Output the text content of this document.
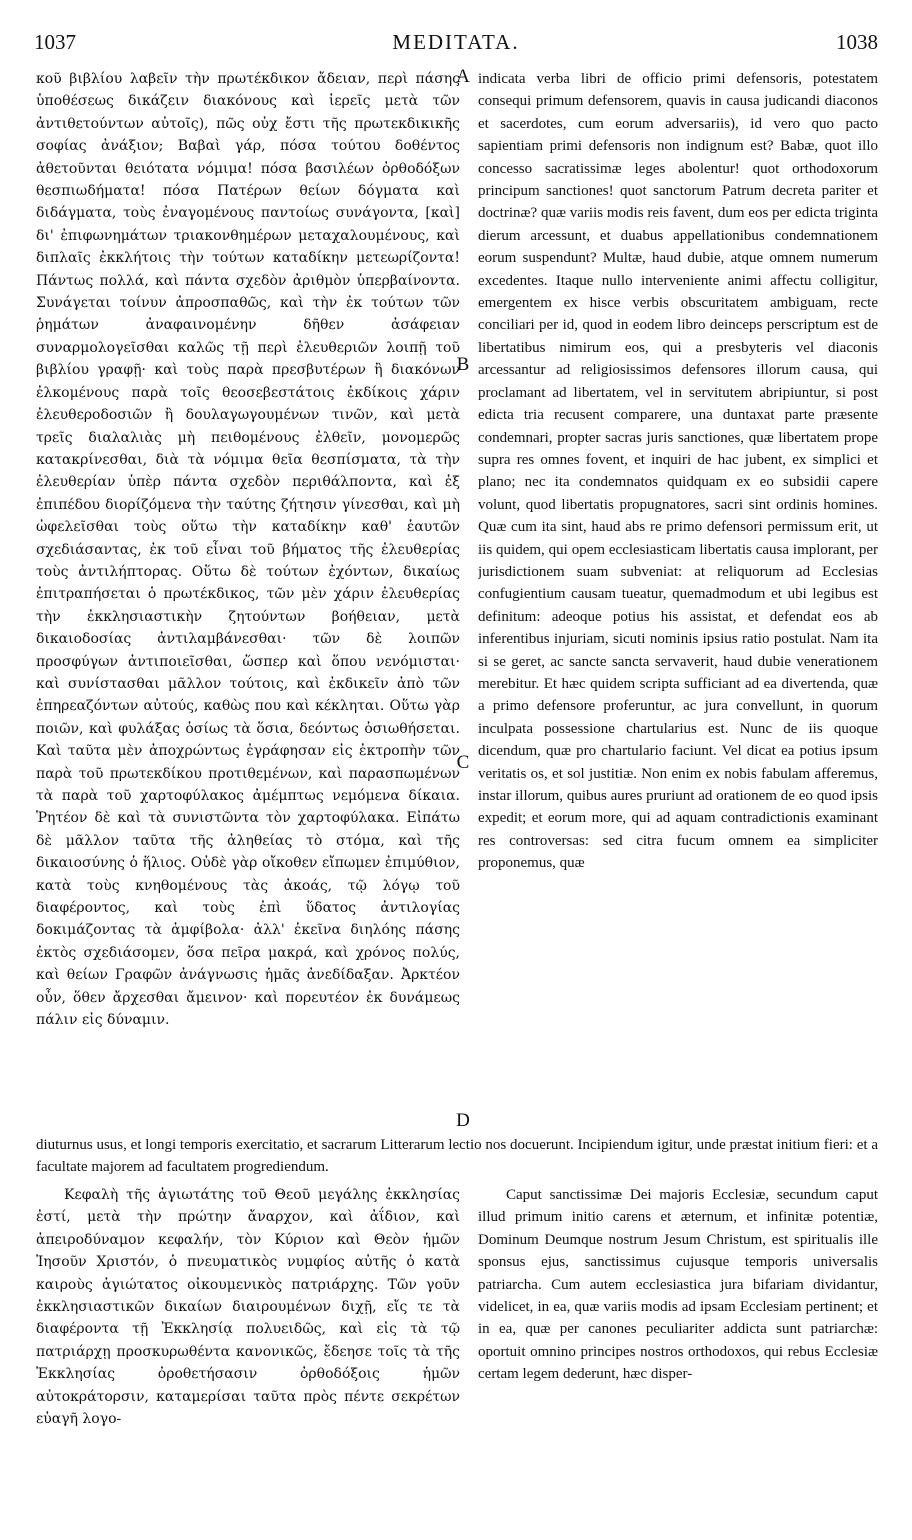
1037	MEDITATA.	1038
A
B
C
D

κοῦ βιβλίου λαβεῖν τὴν πρωτέκδικον ἄδειαν, περὶ πάσης ὑποθέσεως δικάζειν διακόνους καὶ ἱερεῖς μετὰ τῶν ἀντιθετούντων αὐτοῖς), πῶς οὐχ ἔστι τῆς πρωτεκδικικῆς σοφίας ἀνάξιον; Βαβαὶ γάρ, πόσα τούτου δοθέντος ἀθετοῦνται θειότατα νόμιμα! πόσα βασιλέων ὀρθοδόξων θεσπιωδήματα! πόσα Πατέρων θείων δόγματα καὶ διδάγματα, τοὺς ἐναγομένους παντοίως συνάγοντα, [καὶ] δι' ἐπιφωνημάτων τριακονθημέρων μεταχαλουμένους, καὶ διπλαῖς ἐκκλήτοις τὴν τούτων καταδίκην μετεωρίζοντα! Πάντως πολλά, καὶ πάντα σχεδὸν ἀριθμὸν ὑπερβαίνοντα. Συνάγεται τοίνυν ἀπροσπαθῶς, καὶ τὴν ἐκ τούτων τῶν ῥημάτων ἀναφαινομένην δῆθεν ἀσάφειαν συναρμολογεῖσθαι καλῶς τῇ περὶ ἐλευθεριῶν λοιπῇ τοῦ βιβλίου γραφῇ· καὶ τοὺς παρὰ πρεσβυτέρων ἢ διακόνων ἐλκομένους παρὰ τοῖς θεοσεβεστάτοις ἐκδίκοις χάριν ἐλευθεροδοσιῶν ἢ δουλαγωγουμένων τινῶν, καὶ μετὰ τρεῖς διαλαλιὰς μὴ πειθομένους ἐλθεῖν, μονομερῶς κατακρίνεσθαι, διὰ τὰ νόμιμα θεῖα θεσπίσματα, τὰ τὴν ἐλευθερίαν ὑπὲρ πάντα σχεδὸν περιθάλποντα, καὶ ἐξ ἐπιπέδου διορίζόμενα τὴν ταύτης ζήτησιν γίνεσθαι, καὶ μὴ ὠφελεῖσθαι τοὺς οὕτω τὴν καταδίκην καθ' ἑαυτῶν σχεδιάσαντας, ἐκ τοῦ εἶναι τοῦ βήματος τῆς ἐλευθερίας τοὺς ἀντιλήπτορας. Οὕτω δὲ τούτων ἐχόντων, δικαίως ἐπιτραπήσεται ὁ πρωτέκδικος, τῶν μὲν χάριν ἐλευθερίας τὴν ἐκκλησιαστικὴν ζητούντων βοήθειαν, μετὰ δικαιοδοσίας ἀντιλαμβάνεσθαι· τῶν δὲ λοιπῶν προσφύγων ἀντιποιεῖσθαι, ὥσπερ καὶ ὅπου νενόμισται· καὶ συνίστασθαι μᾶλλον τούτοις, καὶ ἐκδικεῖν ἀπὸ τῶν ἐπηρεαζόντων αὐτούς, καθὼς που καὶ κέκληται. Οὕτω γὰρ ποιῶν, καὶ φυλάξας ὁσίως τὰ ὅσια, δεόντως ὁσιωθήσεται. Καὶ ταῦτα μὲν ἀποχρώντως ἐγράφησαν εἰς ἐκτροπὴν τῶν παρὰ τοῦ πρωτεκδίκου προτιθεμένων, καὶ παρασπωμένων τὰ παρὰ τοῦ χαρτοφύλακος ἀμέμπτως νεμόμενα δίκαια. Ῥητέον δὲ καὶ τὰ συνιστῶντα τὸν χαρτοφύλακα. Εἰπάτω δὲ μᾶλλον ταῦτα τῆς ἀληθείας τὸ στόμα, καὶ τῆς δικαιοσύνης ὁ ἥλιος. Οὐδὲ γὰρ οἴκοθεν εἴπωμεν ἐπιμύθιον, κατὰ τοὺς κνηθομένους τὰς ἀκοάς, τῷ λόγῳ τοῦ διαφέροντος, καὶ τοὺς ἐπὶ ὕδατος ἀντιλογίας δοκιμάζοντας τὰ ἀμφίβολα· ἀλλ' ἐκεῖνα διηλόης πάσης ἐκτὸς σχεδιάσομεν, ὅσα πεῖρα μακρά, καὶ χρόνος πολύς, καὶ θείων Γραφῶν ἀνάγνωσις ἡμᾶς ἀνεδίδαξαν. Ἀρκτέον οὖν, ὅθεν ἄρχεσθαι ἄμεινον· καὶ πορευτέον ἐκ δυνάμεως πάλιν εἰς δύναμιν.

indicata verba libri de officio primi defensoris, potestatem consequi primum defensorem, quavis in causa judicandi diaconos et sacerdotes, cum eorum adversariis), id vero quo pacto sapientiam primi defensoris non indignum est? Babæ, quot illo concesso sacratissimæ leges abolentur! quot orthodoxorum principum sanctiones! quot sanctorum Patrum decreta pariter et doctrinæ? quæ variis modis reis favent, dum eos per edicta triginta dierum arcessunt, et duabus appellationibus condemnationem eorum suspendunt? Multæ, haud dubie, atque omnem numerum excedentes. Itaque nullo interveniente animi affectu colligitur, emergentem ex hisce verbis obscuritatem ambiguam, recte conciliari per id, quod in eodem libro deinceps perscriptum est de libertatibus nimirum eos, qui a presbyteris vel diaconis arcessantur ad religiosissimos defensores illorum causa, qui proclamant ad libertatem, vel in servitutem abripiuntur, si post edicta tria recusent comparere, una duntaxat parte præsente condemnari, propter sacras juris sanctiones, quæ libertatem prope supra res omnes fovent, et inquiri de hac jubent, ex simplici et plano; nec ita condemnatos quidquam ex eo subsidii capere volunt, quod libertatis propugnatores, sacri sint ordinis homines. Quæ cum ita sint, haud abs re primo defensori permissum erit, ut iis quidem, qui opem ecclesiasticam libertatis causa implorant, per jurisdictionem suam subveniat: at reliquorum ad Ecclesias confugientium causam tueatur, quemadmodum et ubi legibus est definitum: adeoque potius his assistat, et defendat eos ab inferentibus injuriam, sicuti nominis ipsius ratio postulat. Nam ita si se geret, ac sancte sancta servaverit, haud dubie venerationem merebitur. Et hæc quidem scripta sufficiant ad ea divertenda, quæ a primo defensore proferuntur, ac jura convellunt, in quorum inculpata possessione chartularius est. Nunc de iis quoque dicendum, quæ pro chartulario faciunt. Vel dicat ea potius ipsum veritatis os, et sol justitiæ. Non enim ex nobis fabulam afferemus, instar illorum, quibus aures pruriunt ad orationem de eo quod ipsis expedit; et eorum more, qui ad aquam contradictionis examinant res controversas: sed citra fucum omnem ea simpliciter proponemus, quæ

diuturnus usus, et longi temporis exercitatio, et sacrarum Litterarum lectio nos docuerunt. Incipiendum igitur, unde præstat initium fieri: et a facultate majorem ad facultatem progrediendum.

Κεφαλὴ τῆς ἁγιωτάτης τοῦ Θεοῦ μεγάλης ἐκκλησίας ἐστί, μετὰ τὴν πρώτην ἄναρχον, καὶ ἀΐδιον, καὶ ἀπειροδύναμον κεφαλήν, τὸν Κύριον καὶ Θεὸν ἡμῶν Ἰησοῦν Χριστόν, ὁ πνευματικὸς νυμφίος αὐτῆς ὁ κατὰ καιροὺς ἁγιώτατος οἰκουμενικὸς πατριάρχης. Τῶν γοῦν ἐκκλησιαστικῶν δικαίων διαιρουμένων διχῇ, εἴς τε τὰ διαφέροντα τῇ Ἐκκλησίᾳ πολυειδῶς, καὶ εἰς τὰ τῷ πατριάρχῃ προσκυρωθέντα κανονικῶς, ἔδεησε τοῖς τὰ τῆς Ἐκκλησίας ὀροθετήσασιν ὀρθοδόξοις ἡμῶν αὐτοκράτορσιν, καταμερίσαι ταῦτα πρὸς πέντε σεκρέτων εὐαγῆ λογο-

Caput sanctissimæ Dei majoris Ecclesiæ, secundum caput illud primum initio carens et æternum, et infinitæ potentiæ, Dominum Deumque nostrum Jesum Christum, est spiritualis ille sponsus ejus, sanctissimus cujusque temporis universalis patriarcha. Cum autem ecclesiastica jura bifariam dividantur, videlicet, in ea, quæ variis modis ad ipsam Ecclesiam pertinent; et in ea, quæ per canones peculiariter addicta sunt patriarchæ: oportuit omnino principes nostros orthodoxos, qui rebus Ecclesiæ certam legem dederunt, hæc disper-
